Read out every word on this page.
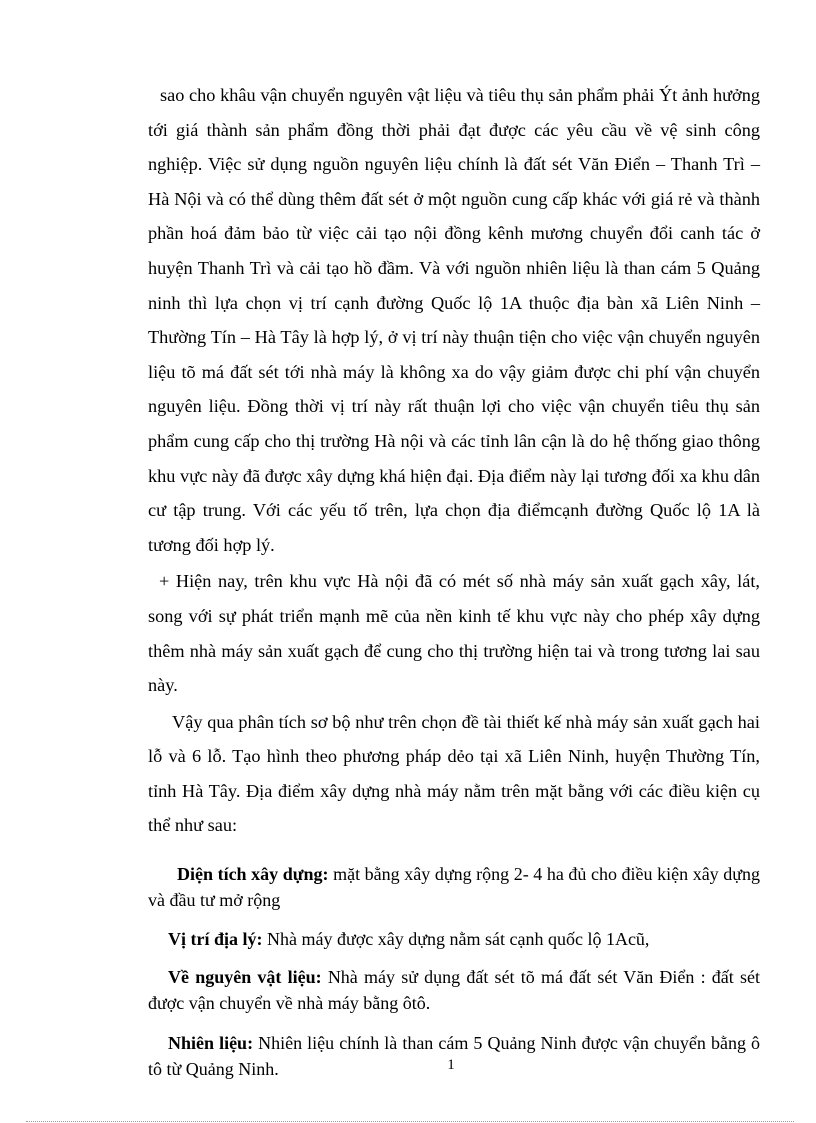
sao cho khâu vận chuyển nguyên vật liệu và tiêu thụ sản phẩm phải Ýt ảnh hưởng tới giá thành sản phẩm đồng thời phải đạt được các yêu cầu về vệ sinh công nghiệp. Việc sử dụng nguồn nguyên liệu chính là đất sét Văn Điển – Thanh Trì – Hà Nội và có thể dùng thêm đất sét ở một nguồn cung cấp khác với giá rẻ và thành phần hoá đảm bảo từ việc cải tạo nội đồng kênh mương chuyển đổi canh tác ở huyện Thanh Trì và cải tạo hồ đầm. Và với nguồn nhiên liệu là than cám 5 Quảng ninh thì lựa chọn vị trí cạnh đường Quốc lộ 1A thuộc địa bàn xã Liên Ninh – Thường Tín – Hà Tây là hợp lý, ở vị trí này thuận tiện cho việc vận chuyển nguyên liệu tõ má đất sét tới nhà máy là không xa do vậy giảm được chi phí vận chuyển nguyên liệu. Đồng thời vị trí này rất thuận lợi cho việc vận chuyển tiêu thụ sản phẩm cung cấp cho thị trường Hà nội và các tỉnh lân cận là do hệ thống giao thông khu vực này đã được xây dựng khá hiện đại. Địa điểm này lại tương đối xa khu dân cư tập trung. Với các yếu tố trên, lựa chọn địa điểmcạnh đường Quốc lộ 1A là tương đối hợp lý.

+ Hiện nay, trên khu vực Hà nội đã có mét số nhà máy sản xuất gạch xây, lát, song với sự phát triển mạnh mẽ của nền kinh tế khu vực này cho phép xây dựng thêm nhà máy sản xuất gạch để cung cho thị trường hiện tai và trong tương lai sau này.

Vậy qua phân tích sơ bộ như trên chọn đề tài thiết kế nhà máy sản xuất gạch hai lỗ và 6 lỗ. Tạo hình theo phương pháp dẻo tại xã Liên Ninh, huyện Thường Tín, tỉnh Hà Tây. Địa điểm xây dựng nhà máy nằm trên mặt bằng với các điều kiện cụ thể như sau:

Diện tích xây dựng: mặt bằng xây dựng rộng 2- 4 ha đủ cho điều kiện xây dựng và đầu tư mở rộng

Vị trí địa lý: Nhà máy được xây dựng nằm sát cạnh quốc lộ 1Acũ,

Về nguyên vật liệu: Nhà máy sử dụng đất sét tõ má đất sét Văn Điển : đất sét được vận chuyển về nhà máy bằng ôtô.

Nhiên liệu: Nhiên liệu chính là than cám 5 Quảng Ninh được vận chuyển bằng ô tô từ Quảng Ninh.	1
